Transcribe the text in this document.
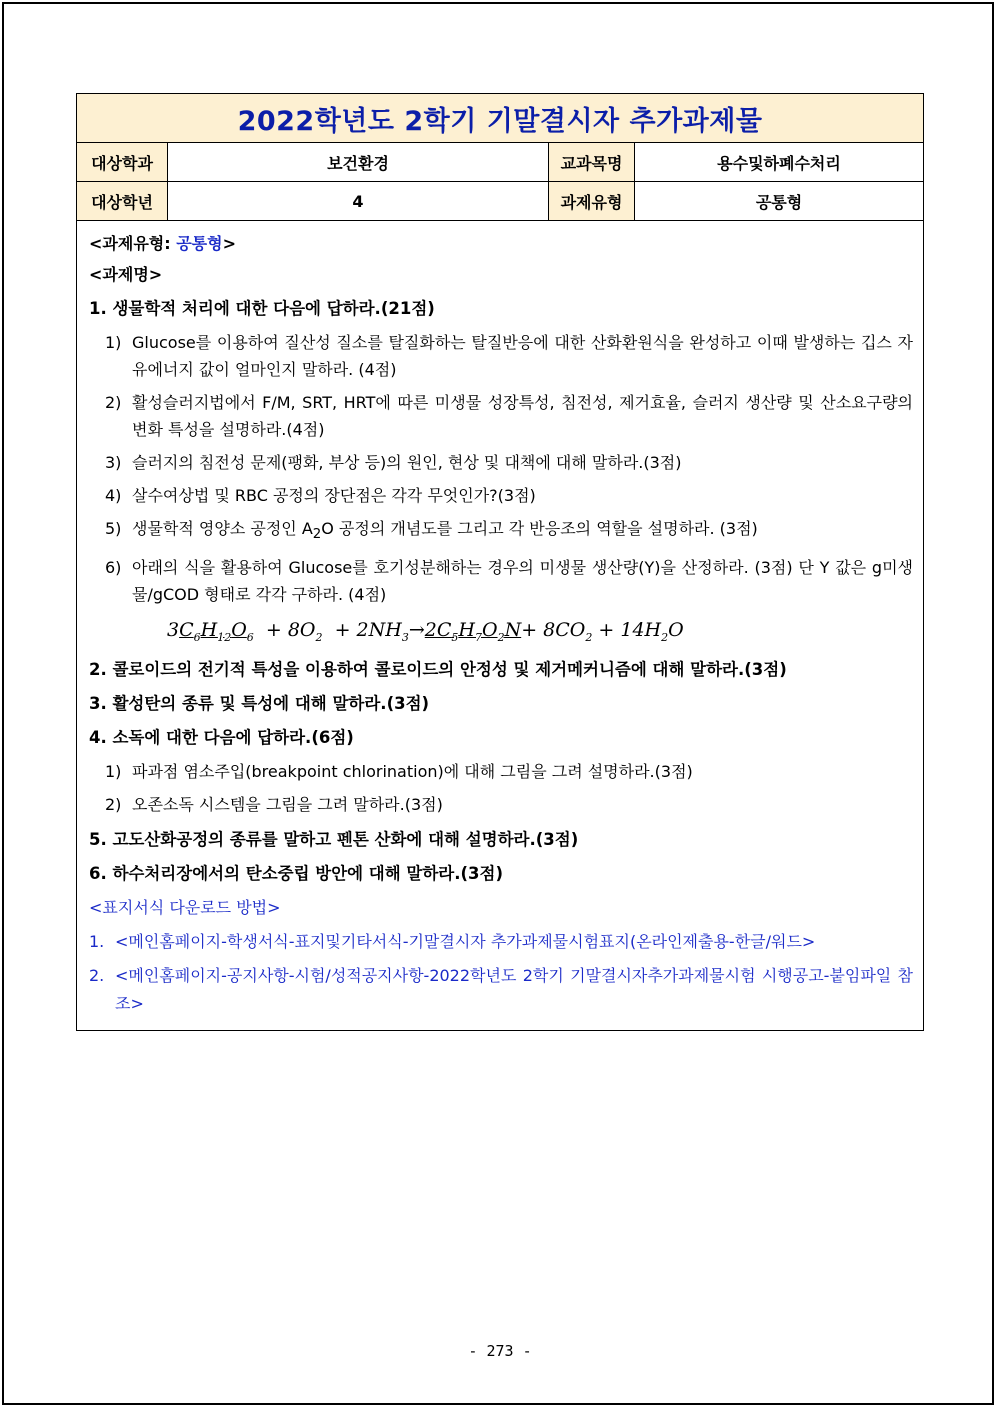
2022학년도 2학기 기말결시자 추가과제물
대상학과	보건환경	교과목명	용수및하폐수처리
대상학년	4	과제유형	공통형
<과제유형: 공통형>
<과제명>
1. 생물학적 처리에 대한 다음에 답하라.(21점)
1) Glucose를 이용하여 질산성 질소를 탈질화하는 탈질반응에 대한 산화환원식을 완성하고 이때 발생하는 깁스 자유에너지 값이 얼마인지 말하라. (4점)
2) 활성슬러지법에서 F/M, SRT, HRT에 따른 미생물 성장특성, 침전성, 제거효율, 슬러지 생산량 및 산소요구량의 변화 특성을 설명하라.(4점)
3) 슬러지의 침전성 문제(팽화, 부상 등)의 원인, 현상 및 대책에 대해 말하라.(3점)
4) 살수여상법 및 RBC 공정의 장단점은 각각 무엇인가?(3점)
5) 생물학적 영양소 공정인 $A_2O$ 공정의 개념도를 그리고 각 반응조의 역할을 설명하라. (3점)
6) 아래의 식을 활용하여 Glucose를 호기성분해하는 경우의 미생물 생산량(Y)을 산정하라. (3점) 단 Y 값은 g미생물/gCOD 형태로 각각 구하라. (4점)
$3C_6H_{12}O_6 + 8O_2 + 2NH_3\to 2C_5H_7O_2N+ 8CO_2 + 14H_2O$
2. 콜로이드의 전기적 특성을 이용하여 콜로이드의 안정성 및 제거메커니즘에 대해 말하라.(3점)
3. 활성탄의 종류 및 특성에 대해 말하라.(3점)
4. 소독에 대한 다음에 답하라.(6점)
1) 파과점 염소주입(breakpoint chlorination)에 대해 그림을 그려 설명하라.(3점)
2) 오존소독 시스템을 그림을 그려 말하라.(3점)
5. 고도산화공정의 종류를 말하고 펜톤 산화에 대해 설명하라.(3점)
6. 하수처리장에서의 탄소중립 방안에 대해 말하라.(3점)
<표지서식 다운로드 방법>
1. <메인홈페이지-학생서식-표지및기타서식-기말결시자 추가과제물시험표지(온라인제출용-한글/워드>
2. <메인홈페이지-공지사항-시험/성적공지사항-2022학년도 2학기 기말결시자추가과제물시험 시행공고-붙임파일 참조>
- 273 -
